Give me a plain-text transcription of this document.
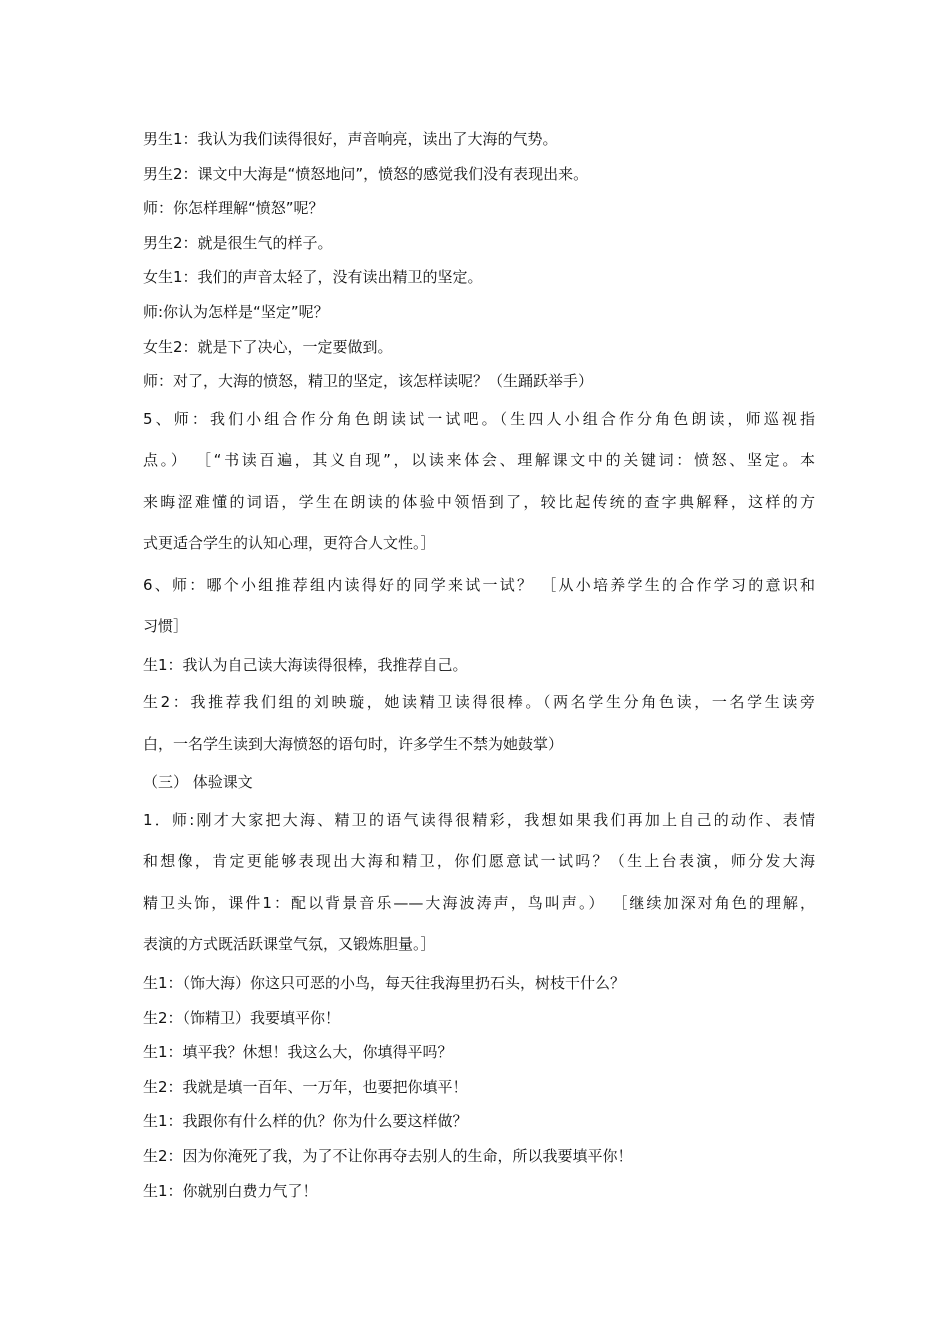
男生1：我认为我们读得很好，声音响亮，读出了大海的气势。
男生2：课文中大海是“愤怒地问”，愤怒的感觉我们没有表现出来。
师：你怎样理解“愤怒”呢？
男生2：就是很生气的样子。
女生1：我们的声音太轻了，没有读出精卫的坚定。
师:你认为怎样是“坚定”呢？
女生2：就是下了决心，一定要做到。
师：对了，大海的愤怒，精卫的坚定，该怎样读呢？（生踊跃举手）
5、师：我们小组合作分角色朗读试一试吧。（生四人小组合作分角色朗读，师巡视指
点。） ［“书读百遍，其义自现”，以读来体会、理解课文中的关键词：愤怒、坚定。本
来晦涩难懂的词语，学生在朗读的体验中领悟到了，较比起传统的查字典解释，这样的方
式更适合学生的认知心理，更符合人文性。］
6、师：哪个小组推荐组内读得好的同学来试一试？ ［从小培养学生的合作学习的意识和
习惯］
生1：我认为自己读大海读得很棒，我推荐自己。
生2：我推荐我们组的刘映璇，她读精卫读得很棒。（两名学生分角色读，一名学生读旁
白，一名学生读到大海愤怒的语句时，许多学生不禁为她鼓掌）
（三） 体验课文
1．师:刚才大家把大海、精卫的语气读得很精彩，我想如果我们再加上自己的动作、表情
和想像，肯定更能够表现出大海和精卫，你们愿意试一试吗？（生上台表演，师分发大海
精卫头饰，课件1：配以背景音乐——大海波涛声，鸟叫声。） ［继续加深对角色的理解，
表演的方式既活跃课堂气氛，又锻炼胆量。］
生1：（饰大海）你这只可恶的小鸟，每天往我海里扔石头，树枝干什么？
生2：（饰精卫）我要填平你！
生1：填平我？休想！我这么大，你填得平吗？
生2：我就是填一百年、一万年，也要把你填平！
生1：我跟你有什么样的仇？你为什么要这样做？
生2：因为你淹死了我，为了不让你再夺去别人的生命，所以我要填平你！
生1：你就别白费力气了！
